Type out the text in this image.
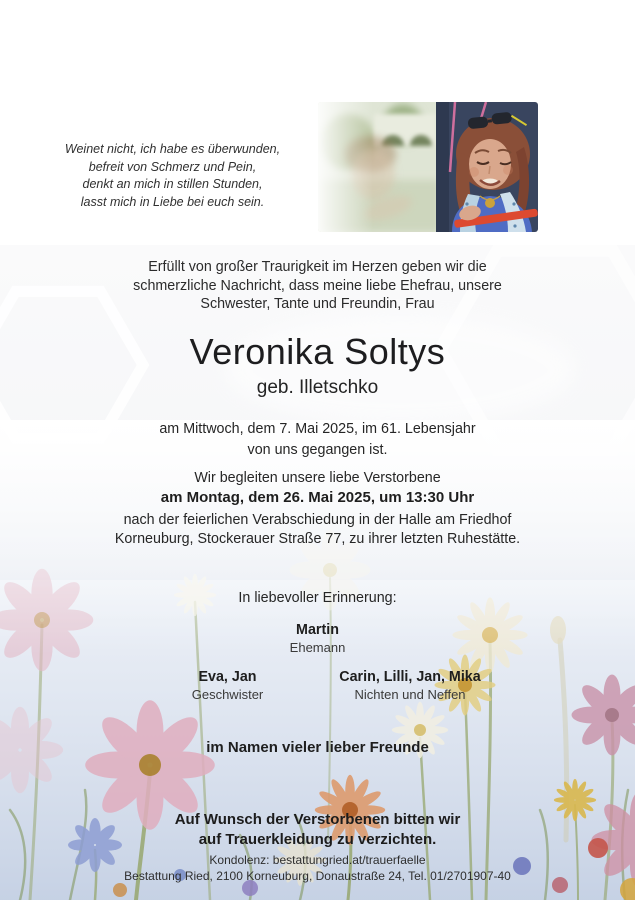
Weinet nicht, ich habe es überwunden,
befreit von Schmerz und Pein,
denkt an mich in stillen Stunden,
lasst mich in Liebe bei euch sein.
Erfüllt von großer Traurigkeit im Herzen geben wir die
schmerzliche Nachricht, dass meine liebe Ehefrau, unsere
Schwester, Tante und Freundin, Frau
Veronika Soltys
geb. Illetschko
am Mittwoch, dem 7. Mai 2025, im 61. Lebensjahr
von uns gegangen ist.
Wir begleiten unsere liebe Verstorbene
am Montag, dem 26. Mai 2025, um 13:30 Uhr
nach der feierlichen Verabschiedung in der Halle am Friedhof
Korneuburg, Stockerauer Straße 77, zu ihrer letzten Ruhestätte.
In liebevoller Erinnerung:
Martin
Ehemann
Eva, Jan
Geschwister
Carin, Lilli, Jan, Mika
Nichten und Neffen
im Namen vieler lieber Freunde
Auf Wunsch der Verstorbenen bitten wir
auf Trauerkleidung zu verzichten.
Kondolenz: bestattungried.at/trauerfaelle
Bestattung Ried, 2100 Korneuburg, Donaustraße 24, Tel. 01/2701907-40
